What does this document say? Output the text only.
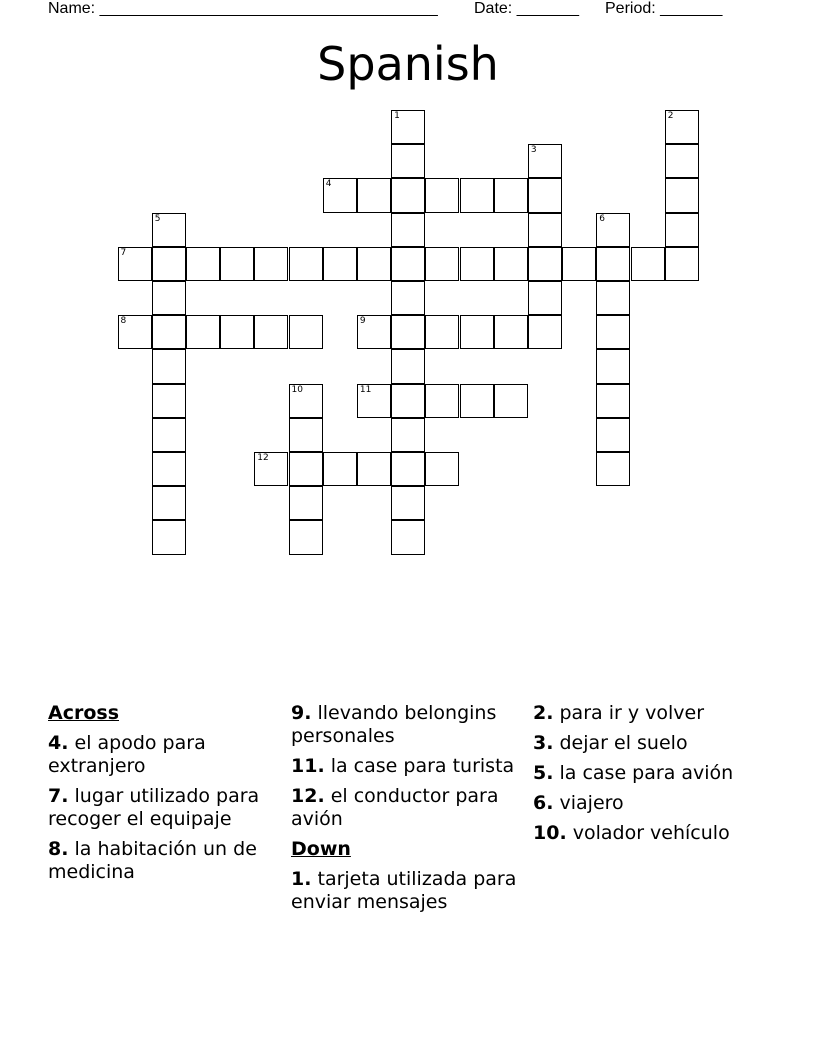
Name: ______________________________________ Date: _______ Period: _______
Spanish
1	2
3
4
5	6
7
8	9
10	11
12
Across
4. el apodo para extranjero
7. lugar utilizado para recoger el equipaje
8. la habitación un de medicina
9. llevando belongins personales
11. la case para turista
12. el conductor para avión
Down
1. tarjeta utilizada para enviar mensajes
2. para ir y volver
3. dejar el suelo
5. la case para avión
6. viajero
10. volador vehículo
